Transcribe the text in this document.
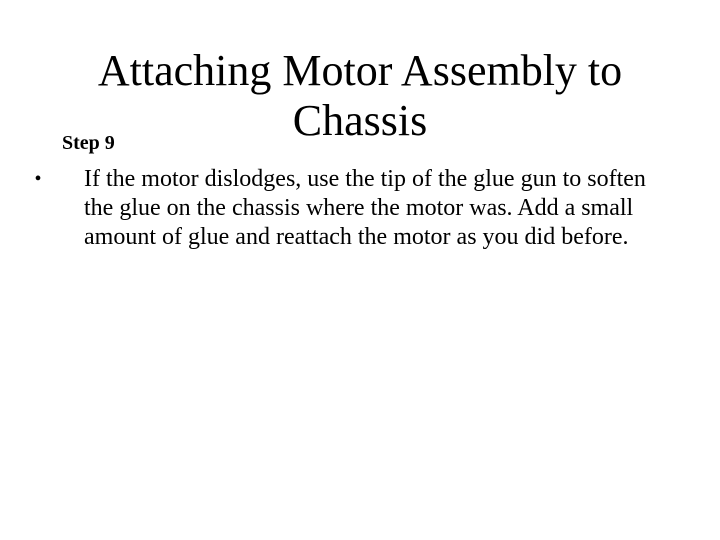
Attaching Motor Assembly to Chassis
Step 9
• If the motor dislodges, use the tip of the glue gun to soften the glue on the chassis where the motor was. Add a small amount of glue and reattach the motor as you did before.
